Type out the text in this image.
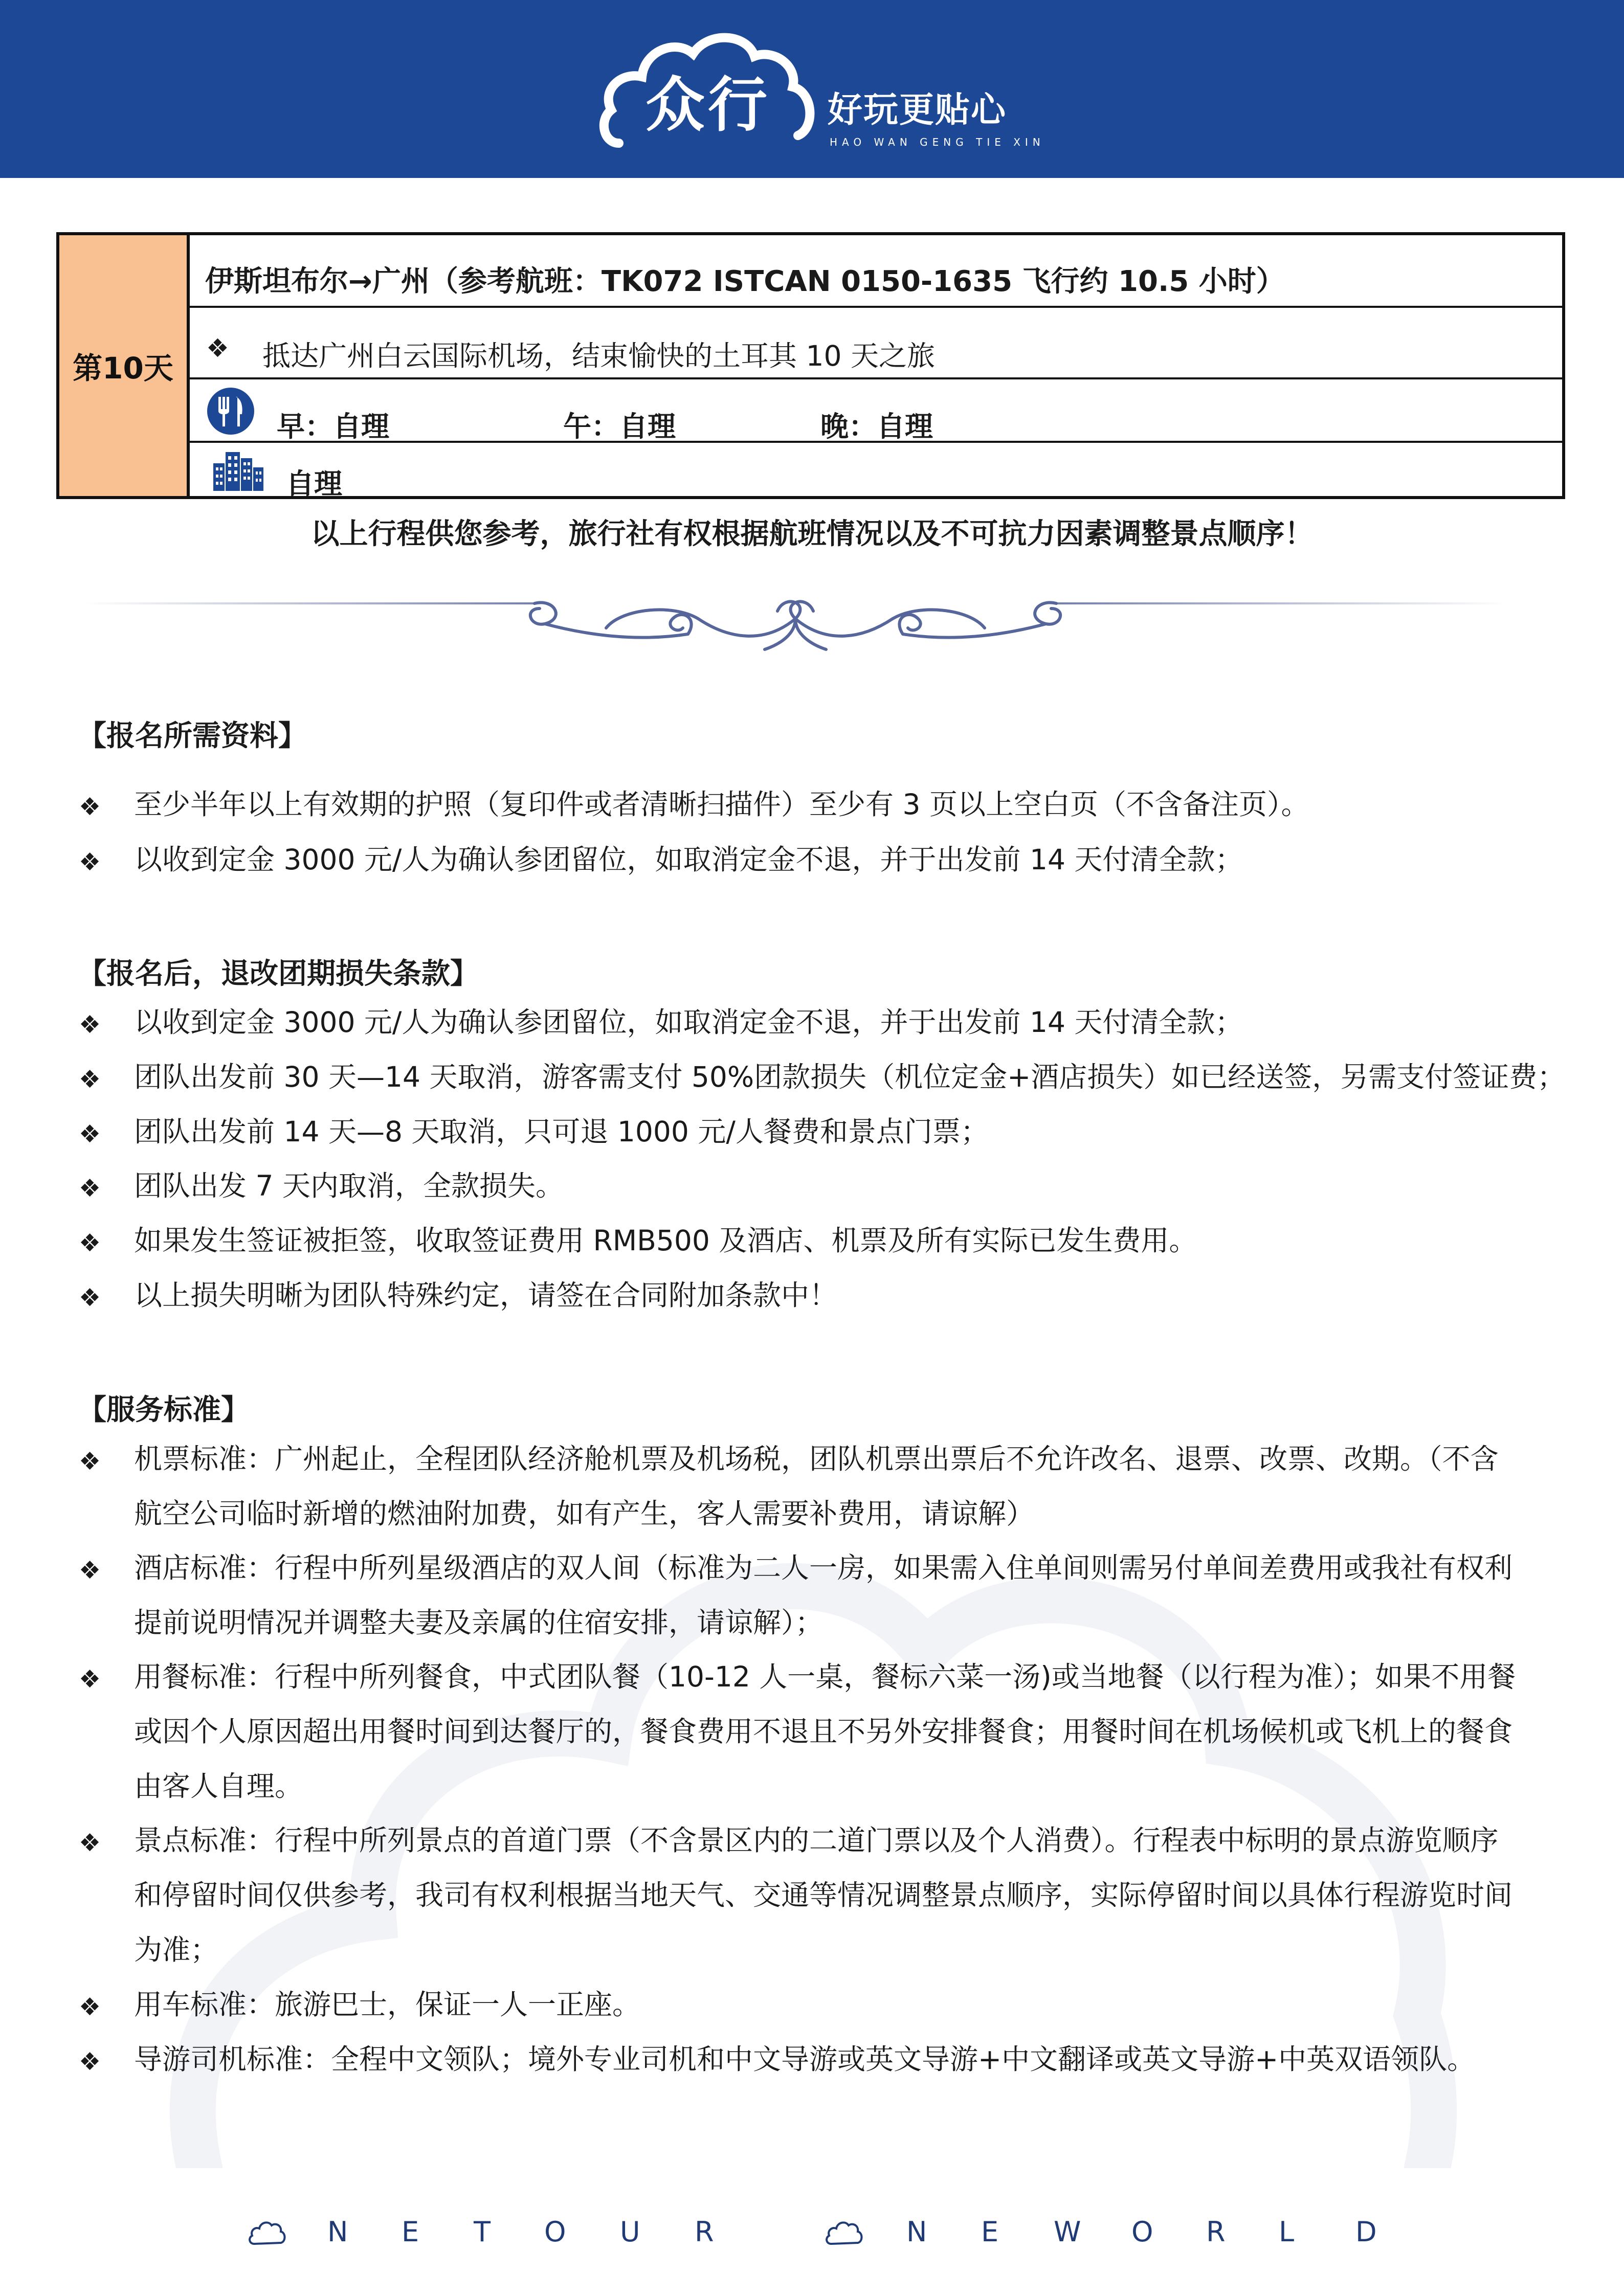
众行 好玩更贴心
HAO WAN GENG TIE XIN
第10天
伊斯坦布尔→广州（参考航班：TK072 ISTCAN 0150-1635 飞行约 10.5 小时）
❖ 抵达广州白云国际机场，结束愉快的土耳其 10 天之旅
早：自理	午：自理	晚：自理
自理
以上行程供您参考，旅行社有权根据航班情况以及不可抗力因素调整景点顺序！
【报名所需资料】
❖ 至少半年以上有效期的护照（复印件或者清晰扫描件）至少有 3 页以上空白页（不含备注页）。
❖ 以收到定金 3000 元/人为确认参团留位，如取消定金不退，并于出发前 14 天付清全款；
【报名后，退改团期损失条款】
❖ 以收到定金 3000 元/人为确认参团留位，如取消定金不退，并于出发前 14 天付清全款；
❖ 团队出发前 30 天—14 天取消，游客需支付 50%团款损失（机位定金+酒店损失）如已经送签，另需支付签证费；
❖ 团队出发前 14 天—8 天取消，只可退 1000 元/人餐费和景点门票；
❖ 团队出发 7 天内取消，全款损失。
❖ 如果发生签证被拒签，收取签证费用 RMB500 及酒店、机票及所有实际已发生费用。
❖ 以上损失明晰为团队特殊约定，请签在合同附加条款中！
【服务标准】
❖ 机票标准：广州起止，全程团队经济舱机票及机场税，团队机票出票后不允许改名、退票、改票、改期。（不含
航空公司临时新增的燃油附加费，如有产生，客人需要补费用，请谅解）
❖ 酒店标准：行程中所列星级酒店的双人间（标准为二人一房，如果需入住单间则需另付单间差费用或我社有权利
提前说明情况并调整夫妻及亲属的住宿安排，请谅解）；
❖ 用餐标准：行程中所列餐食，中式团队餐（10-12 人一桌，餐标六菜一汤)或当地餐（以行程为准）；如果不用餐
或因个人原因超出用餐时间到达餐厅的，餐食费用不退且不另外安排餐食；用餐时间在机场候机或飞机上的餐食
由客人自理。
❖ 景点标准：行程中所列景点的首道门票（不含景区内的二道门票以及个人消费）。行程表中标明的景点游览顺序
和停留时间仅供参考，我司有权利根据当地天气、交通等情况调整景点顺序，实际停留时间以具体行程游览时间
为准；
❖ 用车标准：旅游巴士，保证一人一正座。
❖ 导游司机标准：全程中文领队；境外专业司机和中文导游或英文导游+中文翻译或英文导游+中英双语领队。
N E T O U R	N E W O R L D
